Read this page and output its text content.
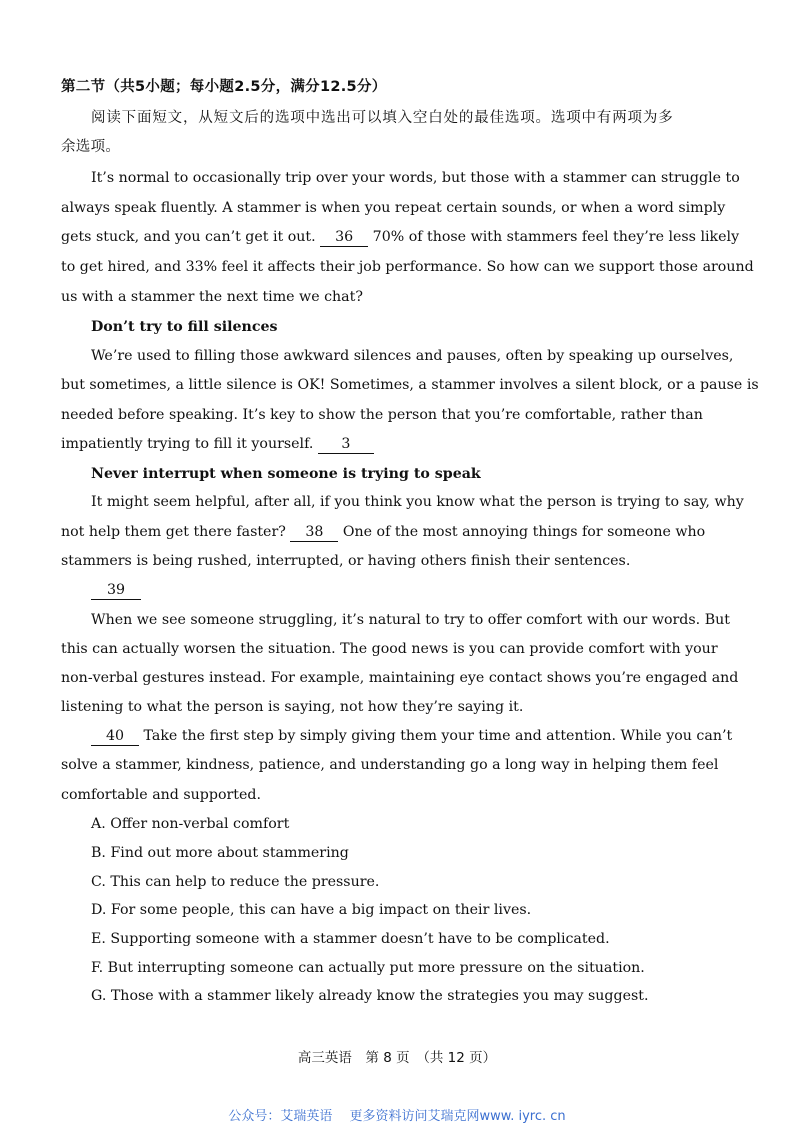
第二节（共5小题；每小题2.5分，满分12.5分）
阅读下面短文，从短文后的选项中选出可以填入空白处的最佳选项。选项中有两项为多
余选项。
It’s normal to occasionally trip over your words, but those with a stammer can struggle to
always speak fluently. A stammer is when you repeat certain sounds, or when a word simply
gets stuck, and you can’t get it out. 36 70% of those with stammers feel they’re less likely
to get hired, and 33% feel it affects their job performance. So how can we support those around
us with a stammer the next time we chat?
Don’t try to fill silences
We’re used to filling those awkward silences and pauses, often by speaking up ourselves,
but sometimes, a little silence is OK! Sometimes, a stammer involves a silent block, or a pause is
needed before speaking. It’s key to show the person that you’re comfortable, rather than
impatiently trying to fill it yourself. 3
Never interrupt when someone is trying to speak
It might seem helpful, after all, if you think you know what the person is trying to say, why
not help them get there faster? 38 One of the most annoying things for someone who
stammers is being rushed, interrupted, or having others finish their sentences.
39
When we see someone struggling, it’s natural to try to offer comfort with our words. But
this can actually worsen the situation. The good news is you can provide comfort with your
non-verbal gestures instead. For example, maintaining eye contact shows you’re engaged and
listening to what the person is saying, not how they’re saying it.
40 Take the first step by simply giving them your time and attention. While you can’t
solve a stammer, kindness, patience, and understanding go a long way in helping them feel
comfortable and supported.
A. Offer non-verbal comfort
B. Find out more about stammering
C. This can help to reduce the pressure.
D. For some people, this can have a big impact on their lives.
E. Supporting someone with a stammer doesn’t have to be complicated.
F. But interrupting someone can actually put more pressure on the situation.
G. Those with a stammer likely already know the strategies you may suggest.
高三英语　第 8 页　（共 12 页）
公众号：艾瑞英语　 更多资料访问艾瑞克网www. iyrc. cn
